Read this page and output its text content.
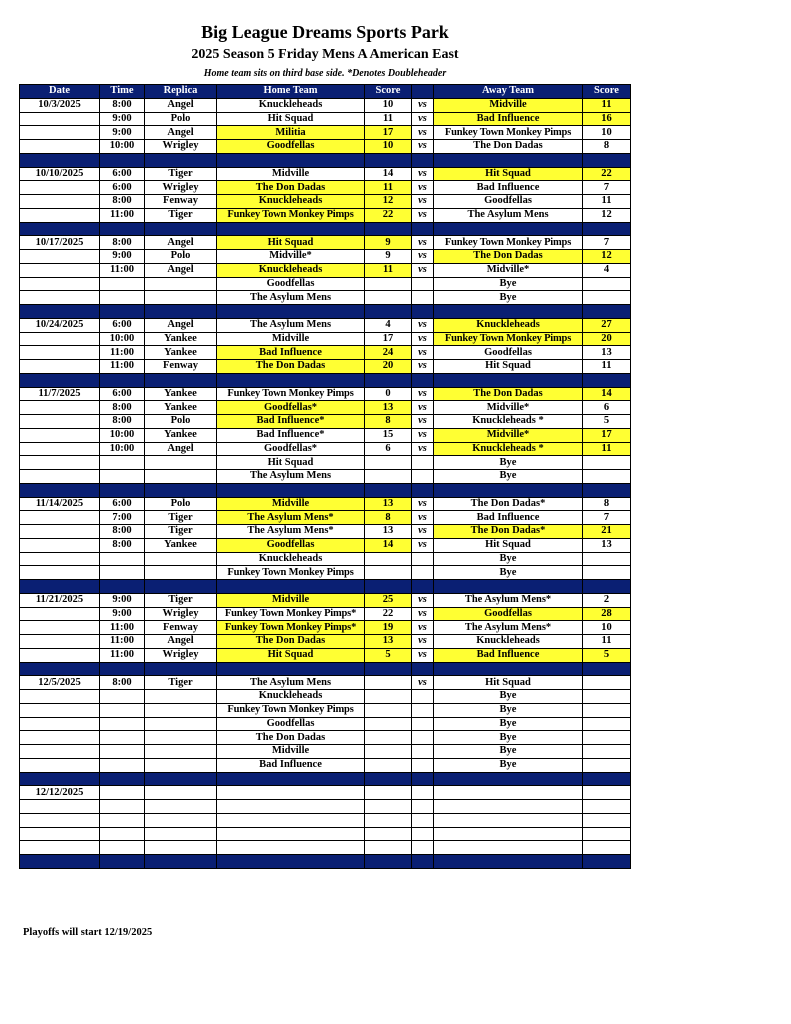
Big League Dreams Sports Park
2025 Season 5 Friday Mens A American East
Home team sits on third base side. *Denotes Doubleheader
Date	Time	Replica	Home Team	Score		Away Team	Score
10/3/2025	8:00	Angel	Knuckleheads	10	vs	Midville	11
	9:00	Polo	Hit Squad	11	vs	Bad Influence	16
	9:00	Angel	Militia	17	vs	Funkey Town Monkey Pimps	10
	10:00	Wrigley	Goodfellas	10	vs	The Don Dadas	8

10/10/2025	6:00	Tiger	Midville	14	vs	Hit Squad	22
	6:00	Wrigley	The Don Dadas	11	vs	Bad Influence	7
	8:00	Fenway	Knuckleheads	12	vs	Goodfellas	11
	11:00	Tiger	Funkey Town Monkey Pimps	22	vs	The Asylum Mens	12

10/17/2025	8:00	Angel	Hit Squad	9	vs	Funkey Town Monkey Pimps	7
	9:00	Polo	Midville*	9	vs	The Don Dadas	12
	11:00	Angel	Knuckleheads	11	vs	Midville*	4
			Goodfellas			Bye	
			The Asylum Mens			Bye	

10/24/2025	6:00	Angel	The Asylum Mens	4	vs	Knuckleheads	27
	10:00	Yankee	Midville	17	vs	Funkey Town Monkey Pimps	20
	11:00	Yankee	Bad Influence	24	vs	Goodfellas	13
	11:00	Fenway	The Don Dadas	20	vs	Hit Squad	11

11/7/2025	6:00	Yankee	Funkey Town Monkey Pimps	0	vs	The Don Dadas	14
	8:00	Yankee	Goodfellas*	13	vs	Midville*	6
	8:00	Polo	Bad Influence*	8	vs	Knuckleheads *	5
	10:00	Yankee	Bad Influence*	15	vs	Midville*	17
	10:00	Angel	Goodfellas*	6	vs	Knuckleheads *	11
			Hit Squad			Bye	
			The Asylum Mens			Bye	

11/14/2025	6:00	Polo	Midville	13	vs	The Don Dadas*	8
	7:00	Tiger	The Asylum Mens*	8	vs	Bad Influence	7
	8:00	Tiger	The Asylum Mens*	13	vs	The Don Dadas*	21
	8:00	Yankee	Goodfellas	14	vs	Hit Squad	13
			Knuckleheads			Bye	
			Funkey Town Monkey Pimps			Bye	

11/21/2025	9:00	Tiger	Midville	25	vs	The Asylum Mens*	2
	9:00	Wrigley	Funkey Town Monkey Pimps*	22	vs	Goodfellas	28
	11:00	Fenway	Funkey Town Monkey Pimps*	19	vs	The Asylum Mens*	10
	11:00	Angel	The Don Dadas	13	vs	Knuckleheads	11
	11:00	Wrigley	Hit Squad	5	vs	Bad Influence	5

12/5/2025	8:00	Tiger	The Asylum Mens		vs	Hit Squad	
			Knuckleheads			Bye	
			Funkey Town Monkey Pimps			Bye	
			Goodfellas			Bye	
			The Don Dadas			Bye	
			Midville			Bye	
			Bad Influence			Bye	

12/12/2025							

Playoffs will start 12/19/2025
